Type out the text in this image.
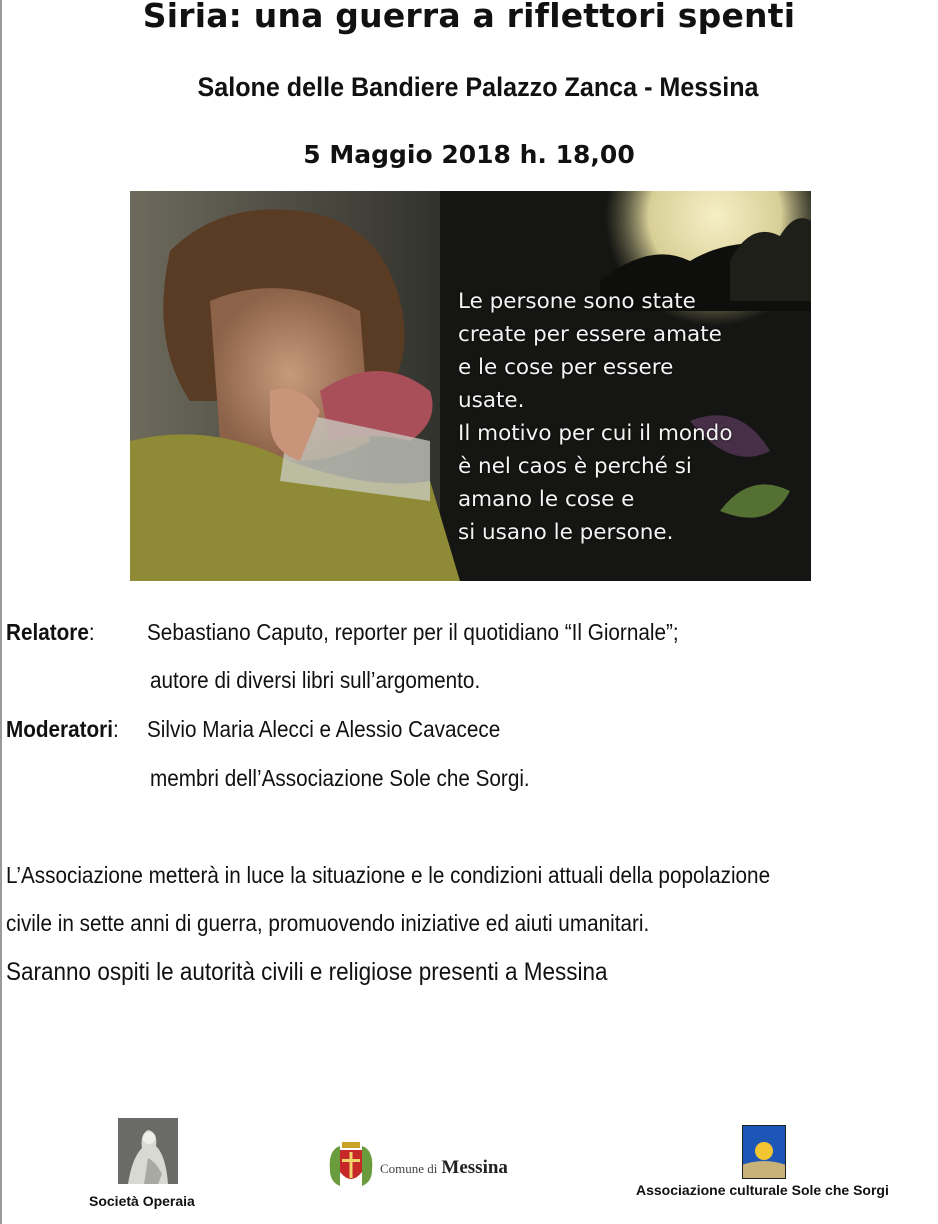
Siria: una guerra a riflettori spenti
Salone delle Bandiere Palazzo Zanca - Messina
5 Maggio 2018 h. 18,00
Le persone sono state
create per essere amate
e le cose per essere
usate.
Il motivo per cui il mondo
è nel caos è perché si
amano le cose e
si usano le persone.
Relatore: Sebastiano Caputo, reporter per il quotidiano “Il Giornale”;
autore di diversi libri sull’argomento.
Moderatori: Silvio Maria Alecci e Alessio Cavacece
membri dell’Associazione Sole che Sorgi.
L’Associazione metterà in luce la situazione e le condizioni attuali della popolazione
civile in sette anni di guerra, promuovendo iniziative ed aiuti umanitari.
Saranno ospiti le autorità civili e religiose presenti a Messina
Società Operaia
Comune di Messina
Associazione culturale Sole che Sorgi
